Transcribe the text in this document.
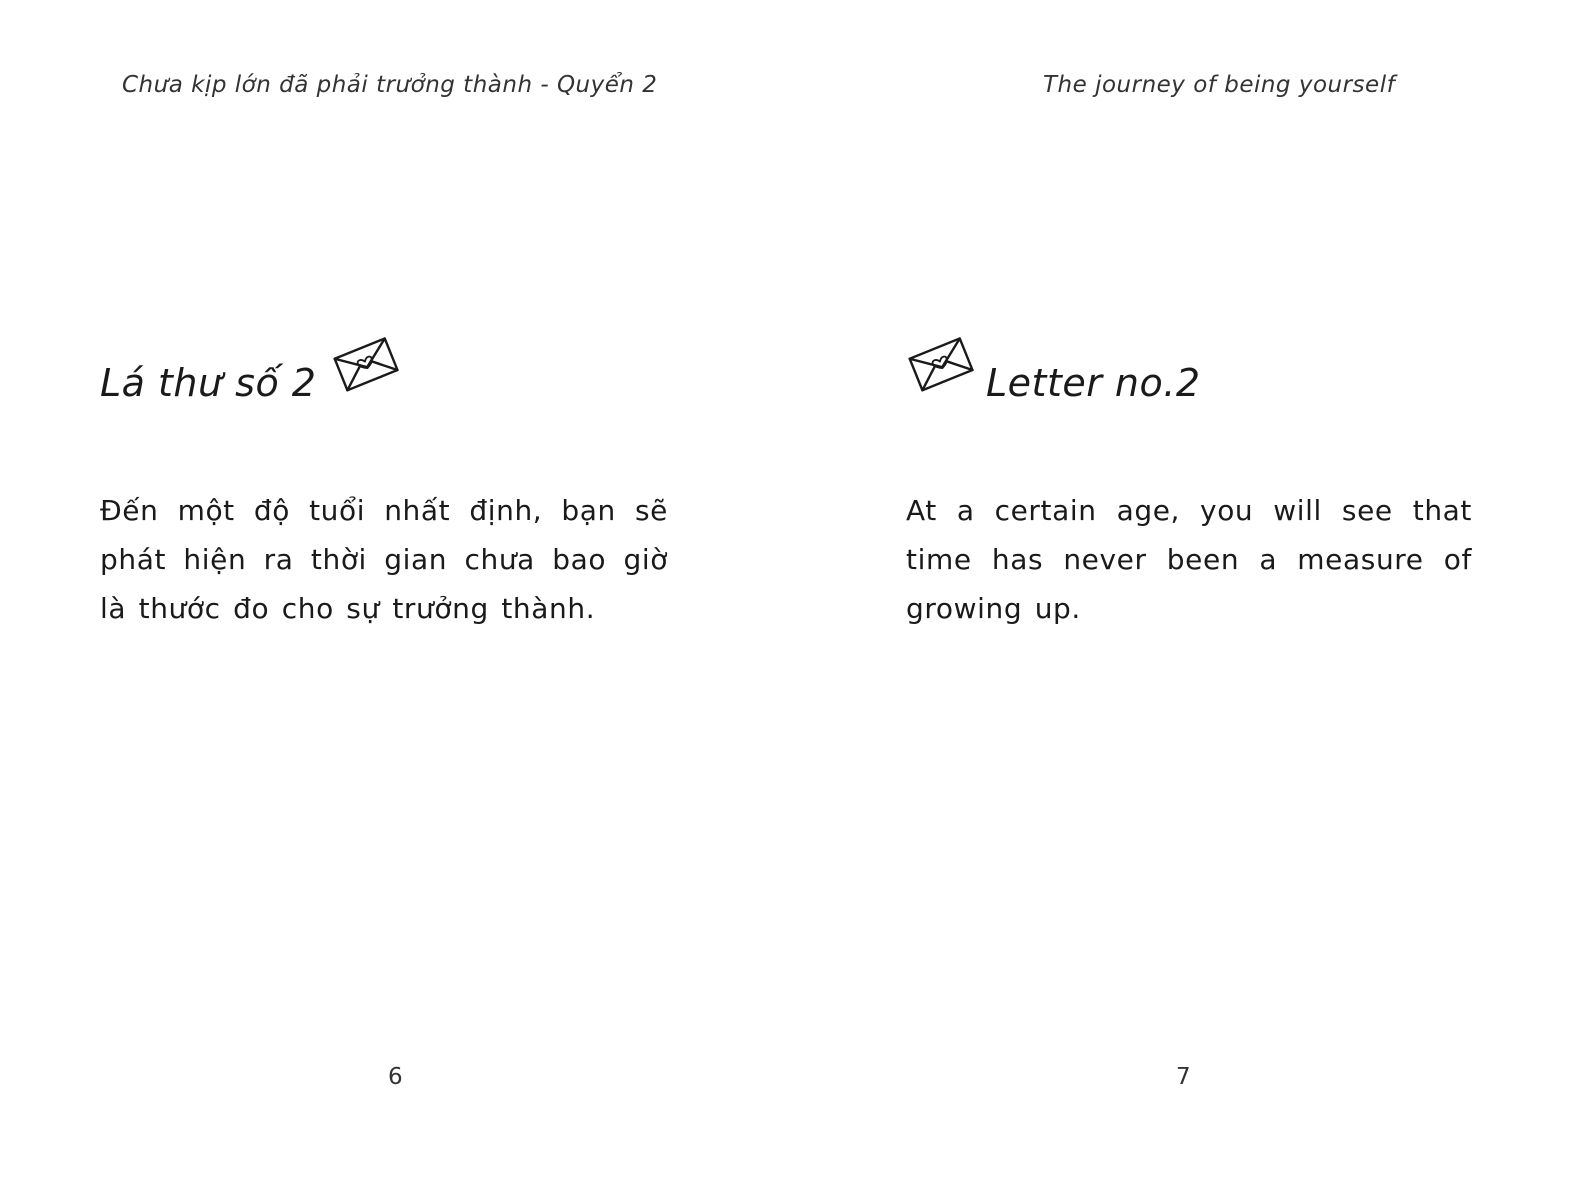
Chưa kịp lớn đã phải trưởng thành - Quyển 2
Lá thư số 2

Đến một độ tuổi nhất định, bạn sẽ phát hiện ra thời gian chưa bao giờ là thước đo cho sự trưởng thành.

6
The journey of being yourself
Letter no.2

At a certain age, you will see that time has never been a measure of growing up.

7
